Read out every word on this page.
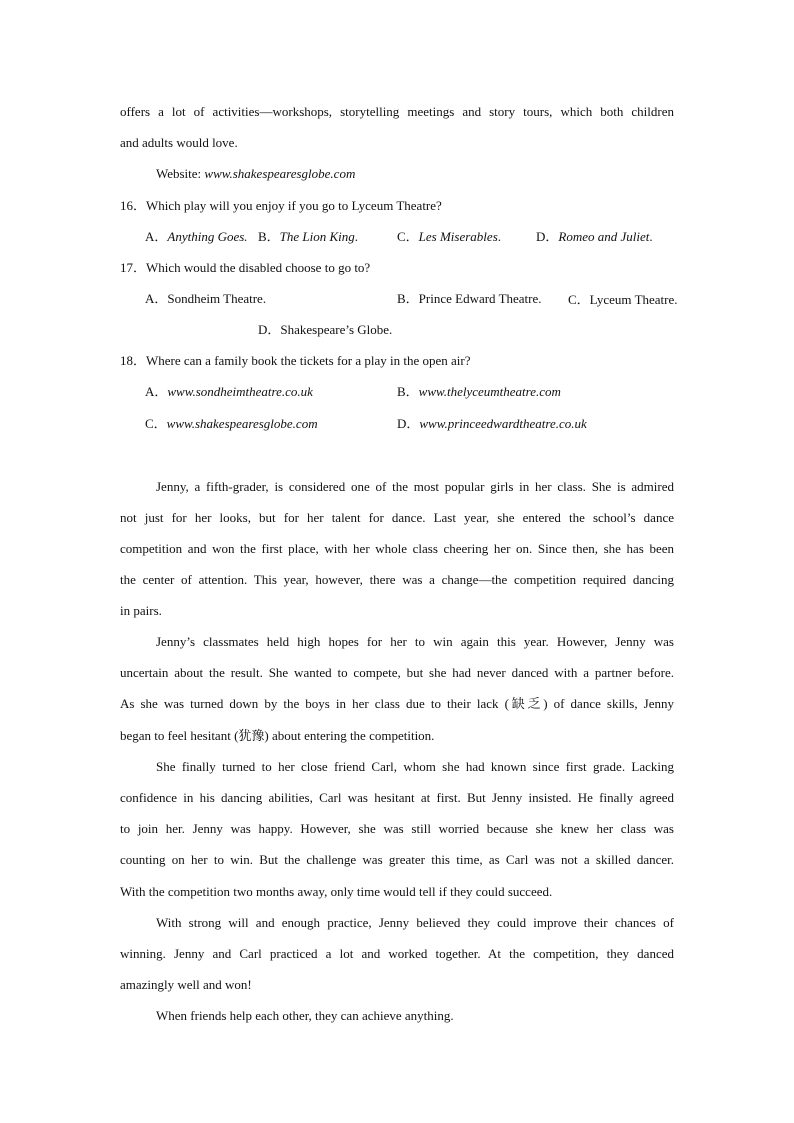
offers a lot of activities—workshops, storytelling meetings and story tours, which both children
and adults would love.
Website: www.shakespearesglobe.com
16．Which play will you enjoy if you go to Lyceum Theatre?
A．Anything Goes. B．The Lion King.	C．Les Miserables.	D．Romeo and Juliet.
17．Which would the disabled choose to go to?
A．Sondheim Theatre.	B．Prince Edward Theatre. C．Lyceum Theatre.
D．Shakespeare’s Globe.
18．Where can a family book the tickets for a play in the open air?
A．www.sondheimtheatre.co.uk	B．www.thelyceumtheatre.com
C．www.shakespearesglobe.com	D．www.princeedwardtheatre.co.uk
Jenny, a fifth-grader, is considered one of the most popular girls in her class. She is admired
not just for her looks, but for her talent for dance. Last year, she entered the school’s dance
competition and won the first place, with her whole class cheering her on. Since then, she has been
the center of attention. This year, however, there was a change—the competition required dancing
in pairs.
Jenny’s classmates held high hopes for her to win again this year. However, Jenny was
uncertain about the result. She wanted to compete, but she had never danced with a partner before.
As she was turned down by the boys in her class due to their lack (缺乏) of dance skills, Jenny
began to feel hesitant (犹豫) about entering the competition.
She finally turned to her close friend Carl, whom she had known since first grade. Lacking
confidence in his dancing abilities, Carl was hesitant at first. But Jenny insisted. He finally agreed
to join her. Jenny was happy. However, she was still worried because she knew her class was
counting on her to win. But the challenge was greater this time, as Carl was not a skilled dancer.
With the competition two months away, only time would tell if they could succeed.
With strong will and enough practice, Jenny believed they could improve their chances of
winning. Jenny and Carl practiced a lot and worked together. At the competition, they danced
amazingly well and won!
When friends help each other, they can achieve anything.
